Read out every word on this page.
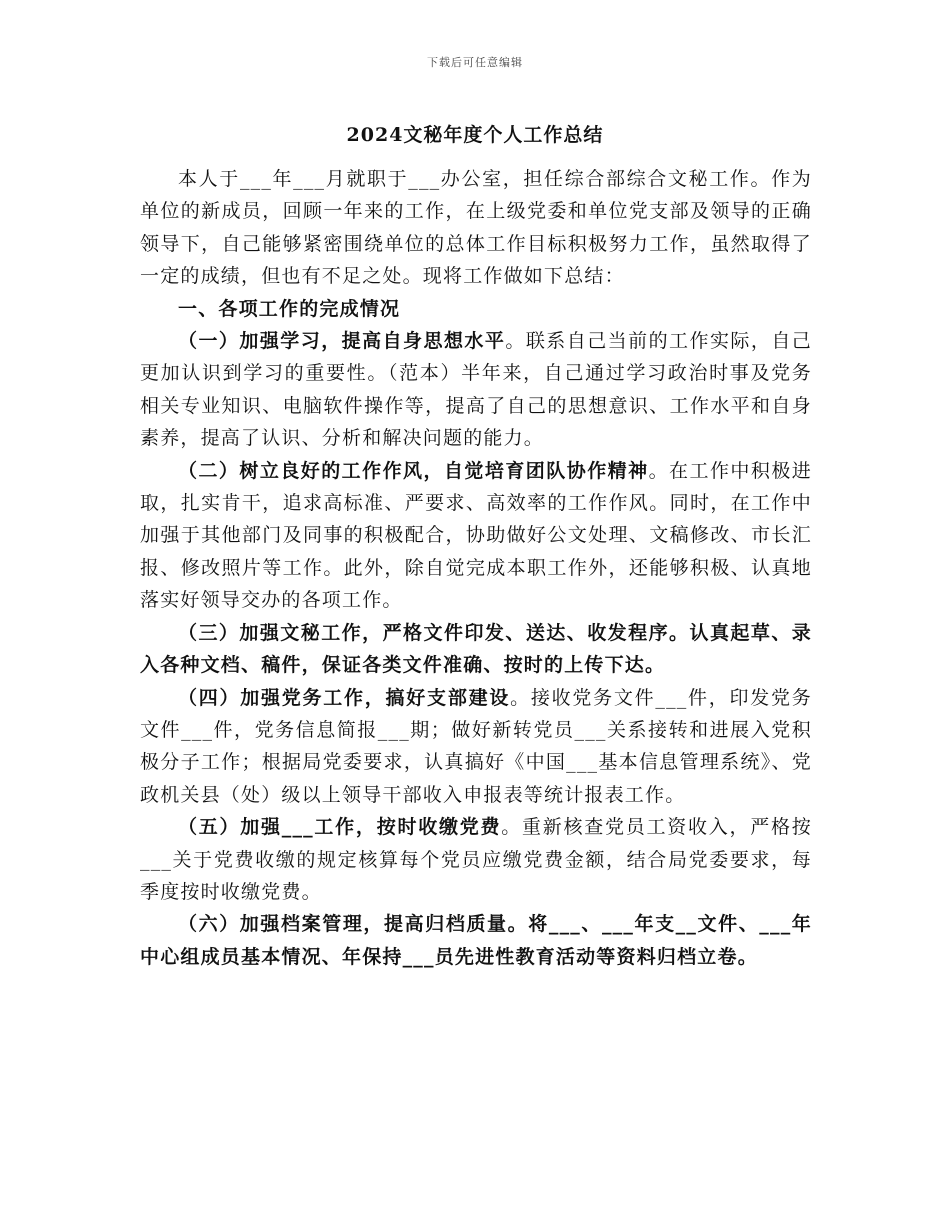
下载后可任意编辑
2024文秘年度个人工作总结

本人于___年___月就职于___办公室，担任综合部综合文秘工作。作为单位的新成员，回顾一年来的工作，在上级党委和单位党支部及领导的正确领导下，自己能够紧密围绕单位的总体工作目标积极努力工作，虽然取得了一定的成绩，但也有不足之处。现将工作做如下总结：

一、各项工作的完成情况

（一）加强学习，提高自身思想水平。联系自己当前的工作实际，自己更加认识到学习的重要性。（范本）半年来，自己通过学习政治时事及党务相关专业知识、电脑软件操作等，提高了自己的思想意识、工作水平和自身素养，提高了认识、分析和解决问题的能力。

（二）树立良好的工作作风，自觉培育团队协作精神。在工作中积极进取，扎实肯干，追求高标准、严要求、高效率的工作作风。同时，在工作中加强于其他部门及同事的积极配合，协助做好公文处理、文稿修改、市长汇报、修改照片等工作。此外，除自觉完成本职工作外，还能够积极、认真地落实好领导交办的各项工作。

（三）加强文秘工作，严格文件印发、送达、收发程序。认真起草、录入各种文档、稿件，保证各类文件准确、按时的上传下达。

（四）加强党务工作，搞好支部建设。接收党务文件___件，印发党务文件___件，党务信息简报___期；做好新转党员___关系接转和进展入党积极分子工作；根据局党委要求，认真搞好《中国___基本信息管理系统》、党政机关县（处）级以上领导干部收入申报表等统计报表工作。

（五）加强___工作，按时收缴党费。重新核查党员工资收入，严格按___关于党费收缴的规定核算每个党员应缴党费金额，结合局党委要求，每季度按时收缴党费。

（六）加强档案管理，提高归档质量。将___、___年支__文件、___年中心组成员基本情况、年保持___员先进性教育活动等资料归档立卷。
